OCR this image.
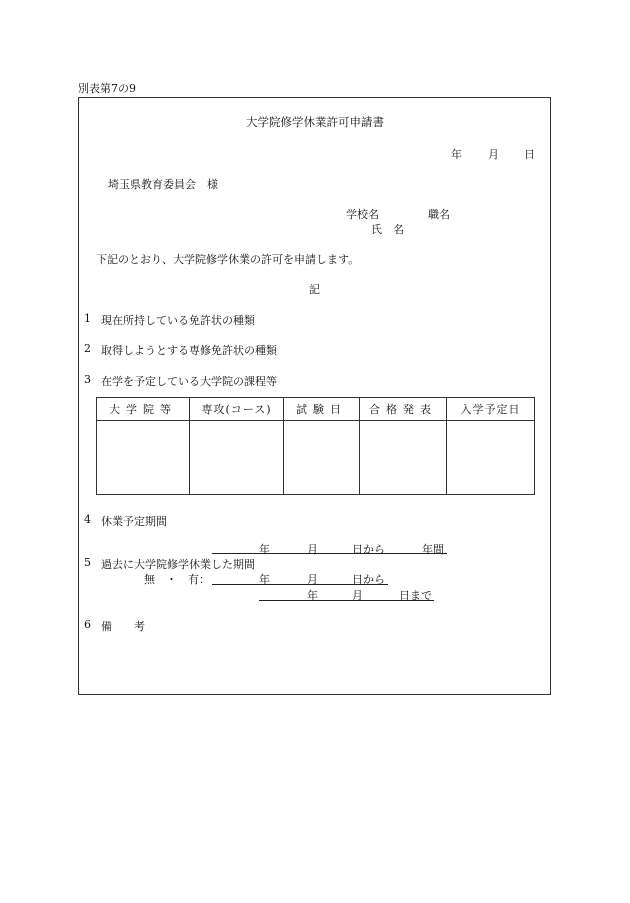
別表第7の9
大学院修学休業許可申請書
年 月 日
埼玉県教育委員会　様
学校名	職名
氏　名
下記のとおり、大学院修学休業の許可を申請します。
記
1 現在所持している免許状の種類
2 取得しようとする専修免許状の種類
3 在学を予定している大学院の課程等
大学院等	専攻(コース)	試験日	合格発表	入学予定日

4 休業予定期間
年	月	日から	年間
5 過去に大学院修学休業した期間
無　・　有：	年	月	日から
年	月	日まで
6 備　　考
